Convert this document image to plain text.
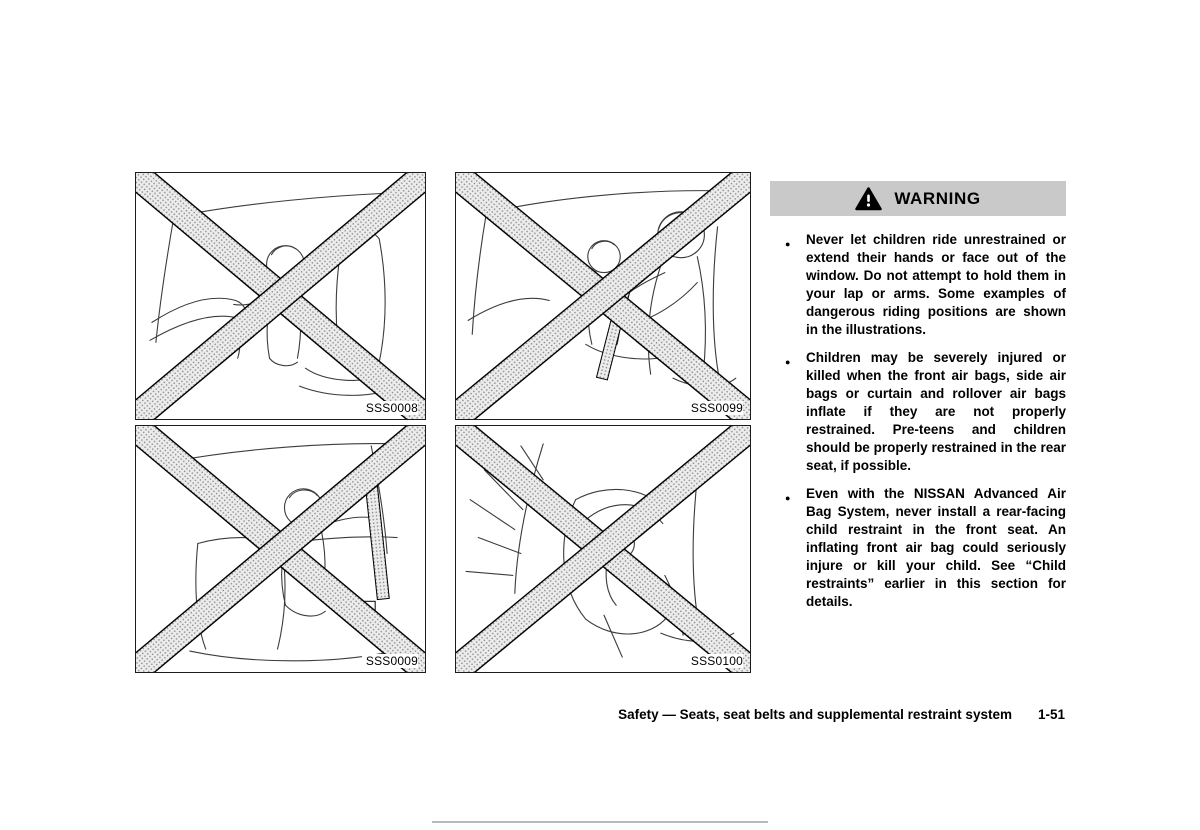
SSS0008	SSS0099
SSS0009	SSS0100
WARNING
● Never let children ride unrestrained or extend their hands or face out of the window. Do not attempt to hold them in your lap or arms. Some examples of dangerous riding positions are shown in the illustrations.
● Children may be severely injured or killed when the front air bags, side air bags or curtain and rollover air bags inflate if they are not properly restrained. Pre-teens and children should be properly restrained in the rear seat, if possible.
● Even with the NISSAN Advanced Air Bag System, never install a rear-facing child restraint in the front seat. An inflating front air bag could seriously injure or kill your child. See “Child restraints” earlier in this section for details.
Safety — Seats, seat belts and supplemental restraint system 1-51
